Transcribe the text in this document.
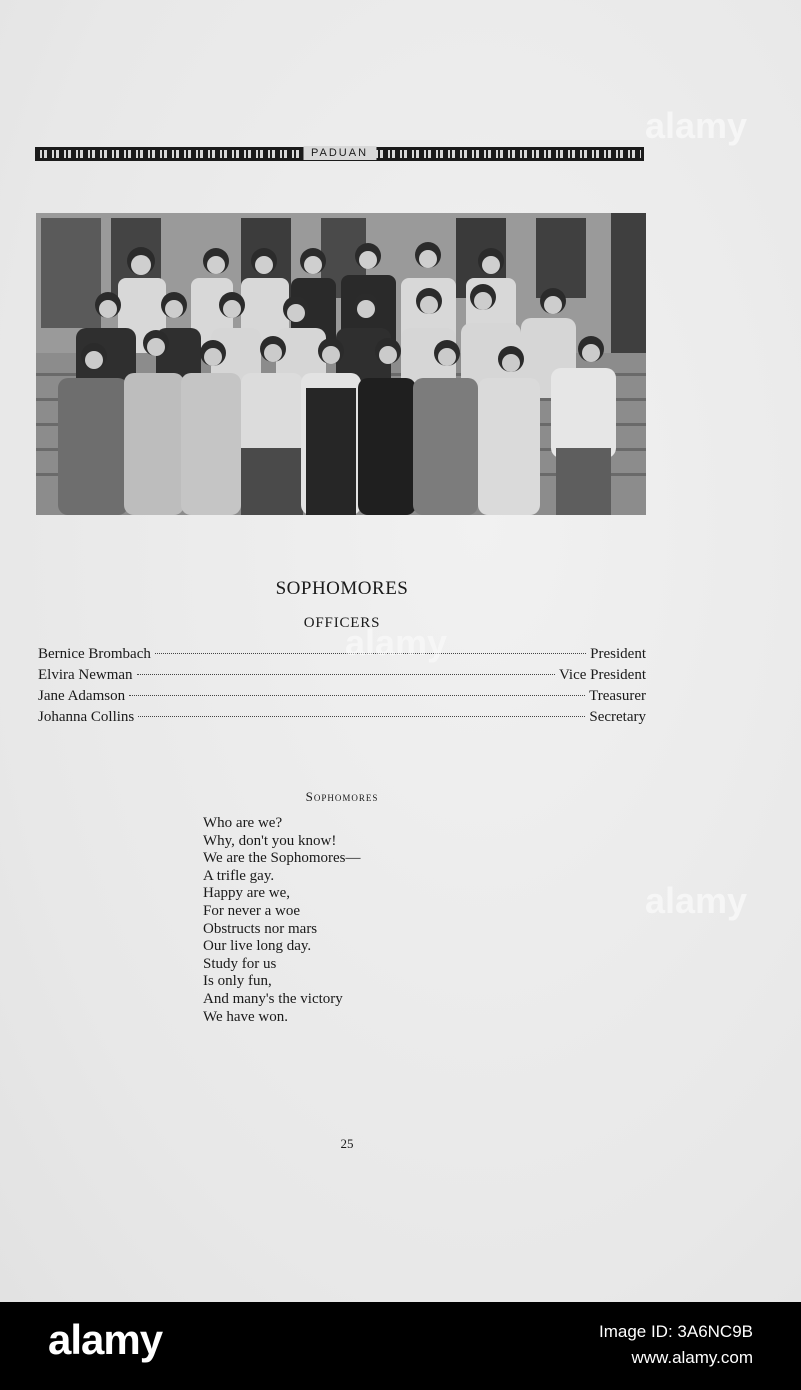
PADUAN
SOPHOMORES
OFFICERS
Bernice Brombach	President
Elvira Newman	Vice President
Jane Adamson	Treasurer
Johanna Collins	Secretary
Sophomores
Who are we?
Why, don't you know!
We are the Sophomores—
A trifle gay.
Happy are we,
For never a woe
Obstructs nor mars
Our live long day.
Study for us
Is only fun,
And many's the victory
We have won.
25
alamy
alamy
alamy
alamy	Image ID: 3A6NC9B
www.alamy.com
